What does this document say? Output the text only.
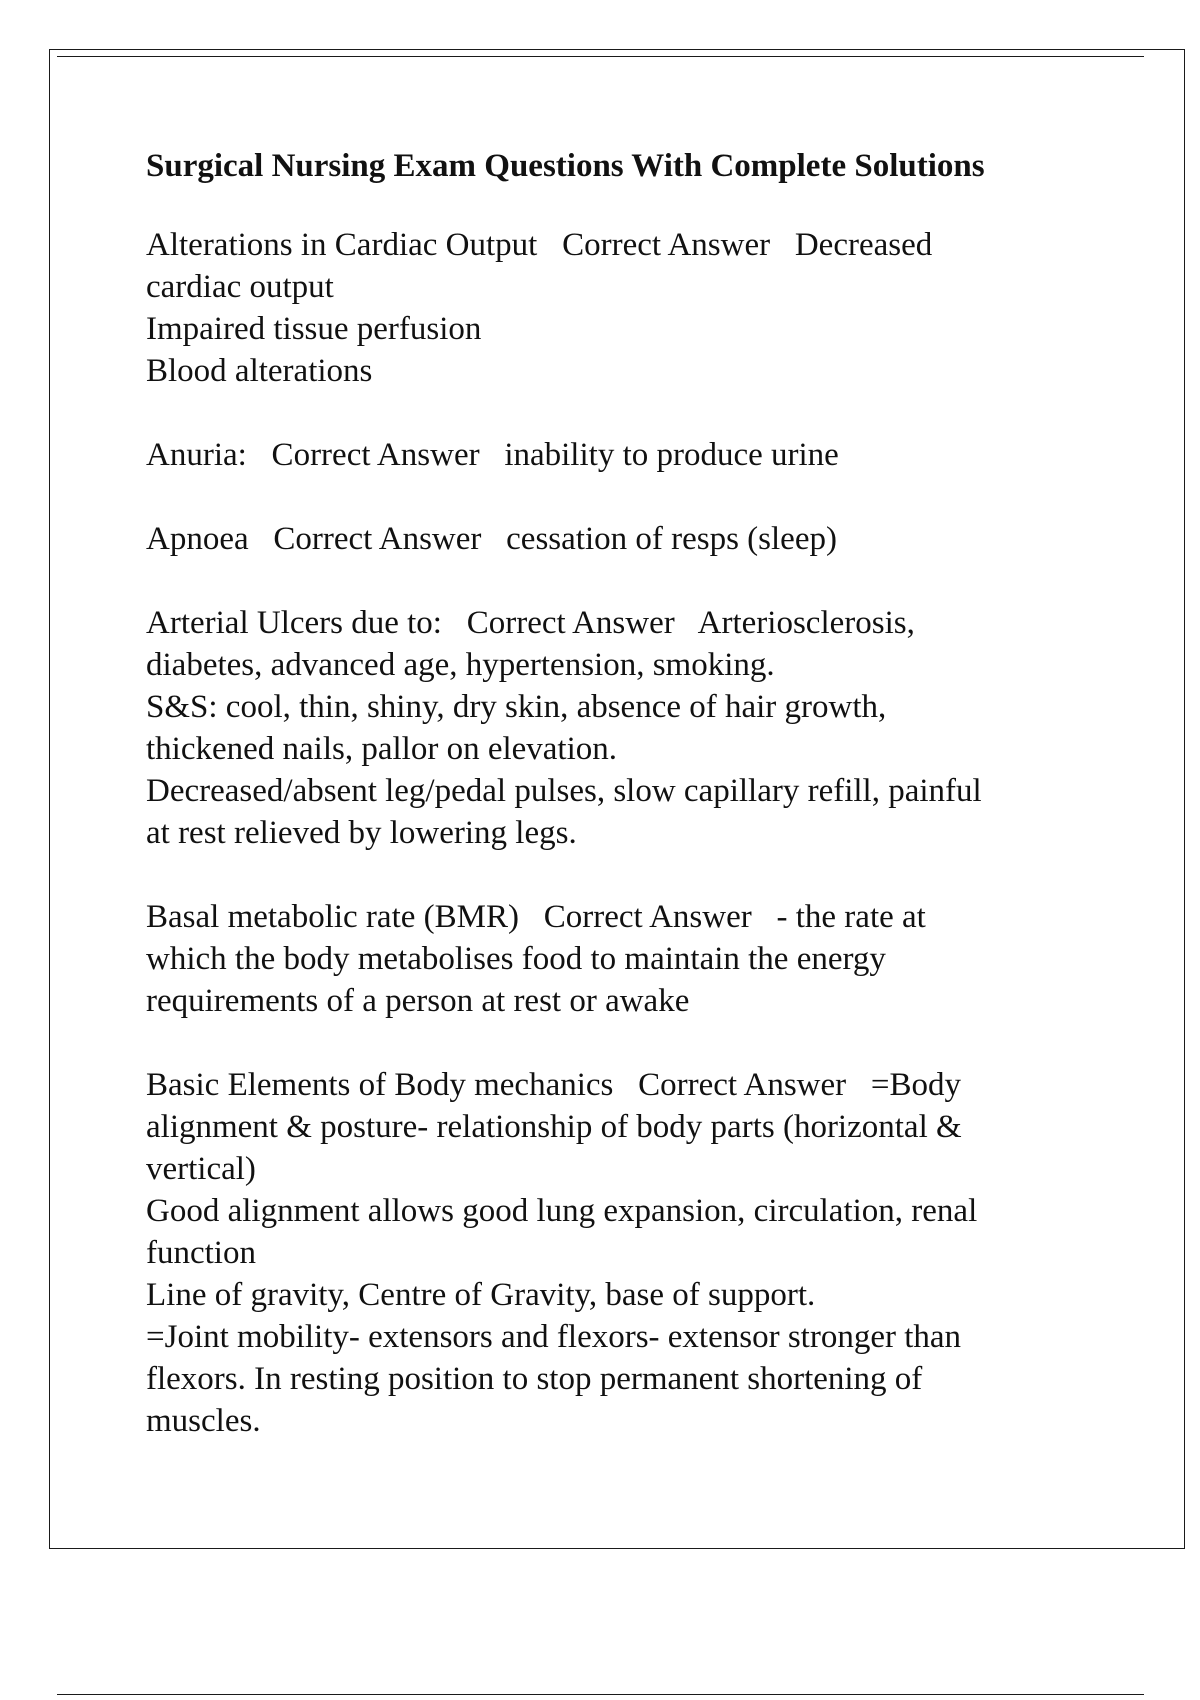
Surgical Nursing Exam Questions With Complete Solutions
Alterations in Cardiac Output   Correct Answer   Decreased
cardiac output
Impaired tissue perfusion
Blood alterations
Anuria:   Correct Answer   inability to produce urine
Apnoea   Correct Answer   cessation of resps (sleep)
Arterial Ulcers due to:   Correct Answer   Arteriosclerosis,
diabetes, advanced age, hypertension, smoking.
S&S: cool, thin, shiny, dry skin, absence of hair growth,
thickened nails, pallor on elevation.
Decreased/absent leg/pedal pulses, slow capillary refill, painful
at rest relieved by lowering legs.
Basal metabolic rate (BMR)   Correct Answer   - the rate at
which the body metabolises food to maintain the energy
requirements of a person at rest or awake
Basic Elements of Body mechanics   Correct Answer   =Body
alignment & posture- relationship of body parts (horizontal &
vertical)
Good alignment allows good lung expansion, circulation, renal
function
Line of gravity, Centre of Gravity, base of support.
=Joint mobility- extensors and flexors- extensor stronger than
flexors. In resting position to stop permanent shortening of
muscles.
